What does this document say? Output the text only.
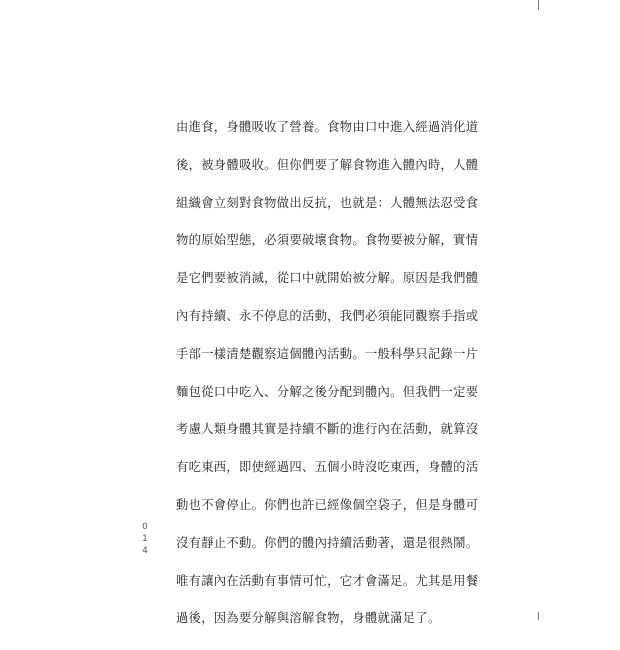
由進食，身體吸收了營養。食物由口中進入經過消化道
後，被身體吸收。但你們要了解食物進入體內時，人體
組織會立刻對食物做出反抗，也就是：人體無法忍受食
物的原始型態，必須要破壞食物。食物要被分解，實情
是它們要被消滅，從口中就開始被分解。原因是我們體
內有持續、永不停息的活動，我們必須能同觀察手指或
手部一樣清楚觀察這個體內活動。一般科學只記錄一片
麵包從口中吃入、分解之後分配到體內。但我們一定要
考慮人類身體其實是持續不斷的進行內在活動，就算沒
有吃東西，即使經過四、五個小時沒吃東西，身體的活
動也不會停止。你們也許已經像個空袋子，但是身體可
沒有靜止不動。你們的體內持續活動著，還是很熱鬧。
唯有讓內在活動有事情可忙，它才會滿足。尤其是用餐
過後，因為要分解與溶解食物，身體就滿足了。
014
